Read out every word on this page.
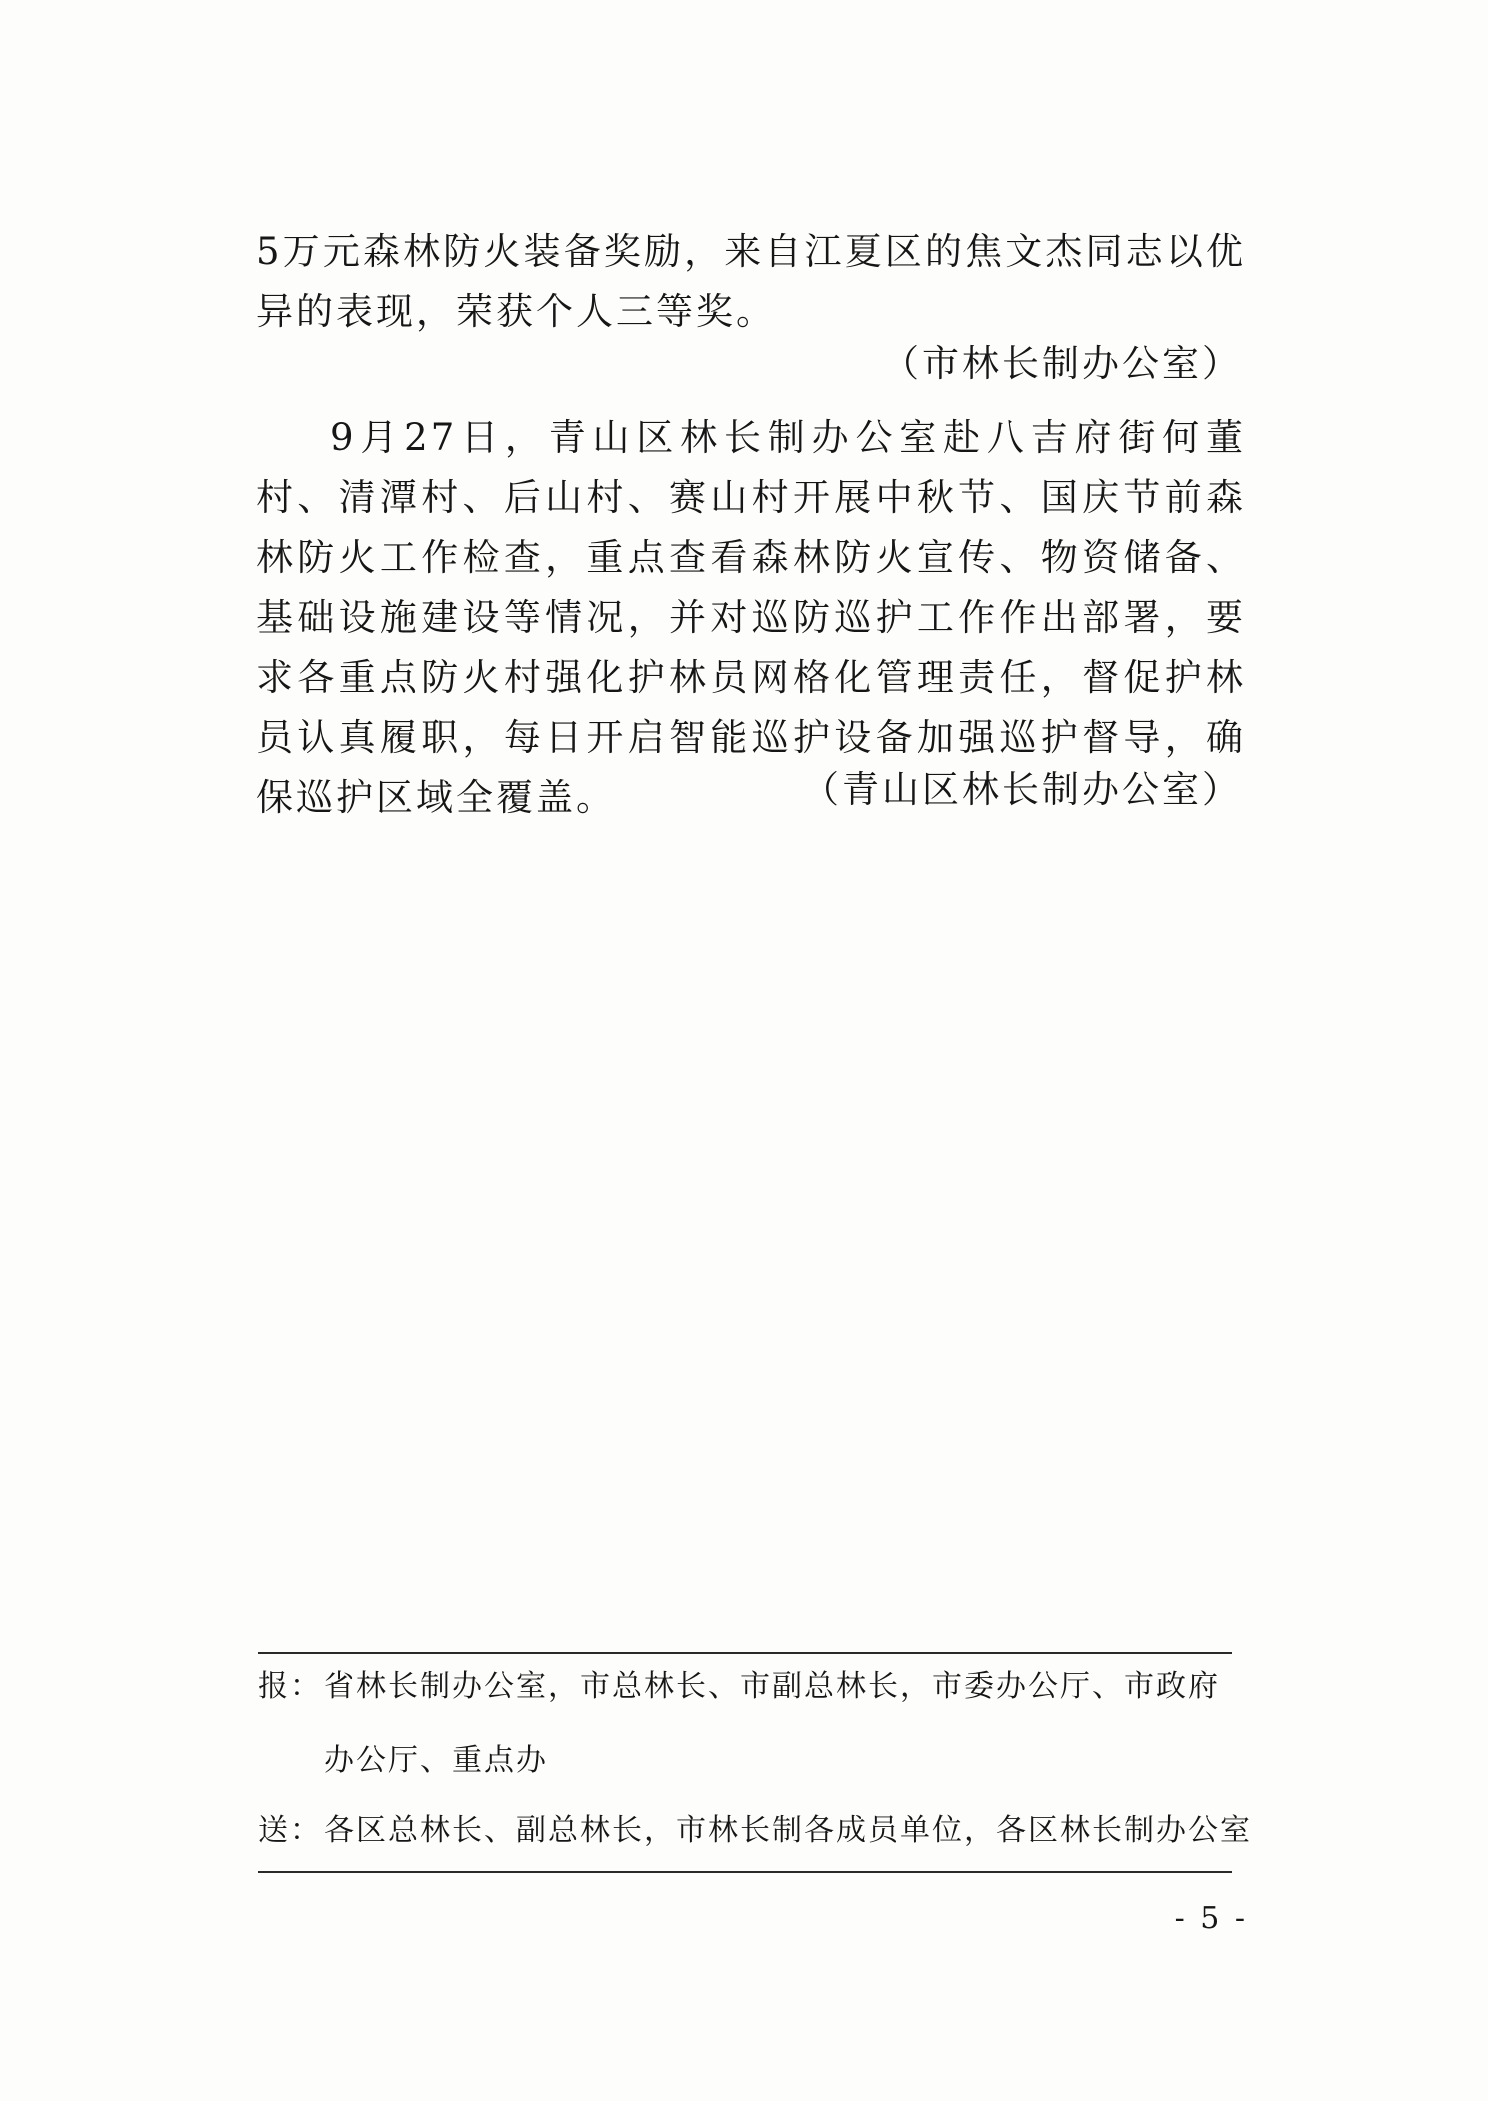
5万元森林防火装备奖励，来自江夏区的焦文杰同志以优异的表现，荣获个人三等奖。
（市林长制办公室）
9月27日，青山区林长制办公室赴八吉府街何董村、清潭村、后山村、赛山村开展中秋节、国庆节前森林防火工作检查，重点查看森林防火宣传、物资储备、基础设施建设等情况，并对巡防巡护工作作出部署，要求各重点防火村强化护林员网格化管理责任，督促护林员认真履职，每日开启智能巡护设备加强巡护督导，确保巡护区域全覆盖。	（青山区林长制办公室）
报：省林长制办公室，市总林长、市副总林长，市委办公厅、市政府
办公厅、重点办
送：各区总林长、副总林长，市林长制各成员单位，各区林长制办公室
- 5 -
